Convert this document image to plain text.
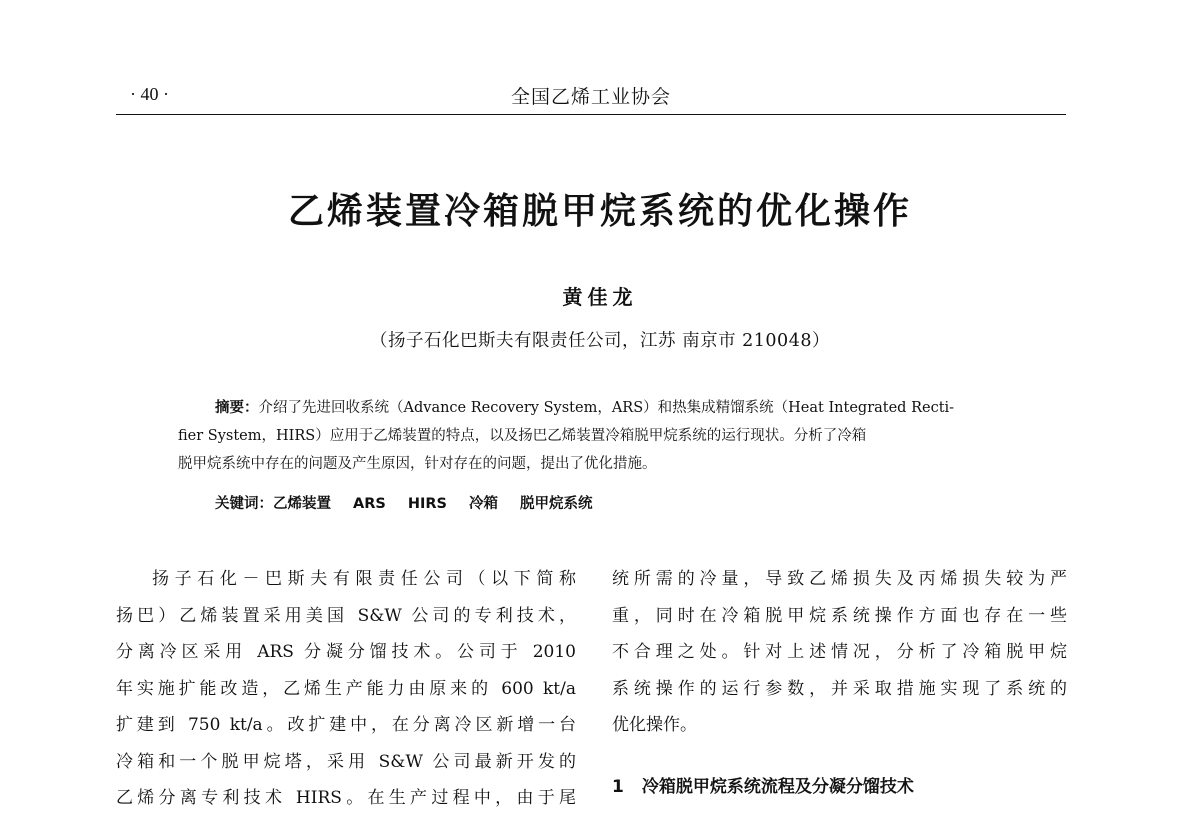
· 40 ·	全国乙烯工业协会
乙烯装置冷箱脱甲烷系统的优化操作
黄佳龙
（扬子石化巴斯夫有限责任公司，江苏 南京市 210048）
摘要：介绍了先进回收系统（Advance Recovery System，ARS）和热集成精馏系统（Heat Integrated Recti-
fier System，HIRS）应用于乙烯装置的特点，以及扬巴乙烯装置冷箱脱甲烷系统的运行现状。分析了冷箱
脱甲烷系统中存在的问题及产生原因，针对存在的问题，提出了优化措施。
关键词：乙烯装置 ARS HIRS 冷箱 脱甲烷系统
扬子石化－巴斯夫有限责任公司（以下简称
扬巴）乙烯装置采用美国 S&W 公司的专利技术，
分离冷区采用 ARS 分凝分馏技术。公司于 2010
年实施扩能改造，乙烯生产能力由原来的 600 kt/a
扩建到 750 kt/a。改扩建中，在分离冷区新增一台
冷箱和一个脱甲烷塔，采用 S&W 公司最新开发的
乙烯分离专利技术 HIRS。在生产过程中，由于尾
统所需的冷量，导致乙烯损失及丙烯损失较为严
重，同时在冷箱脱甲烷系统操作方面也存在一些
不合理之处。针对上述情况，分析了冷箱脱甲烷
系统操作的运行参数，并采取措施实现了系统的
优化操作。
1 冷箱脱甲烷系统流程及分凝分馏技术
